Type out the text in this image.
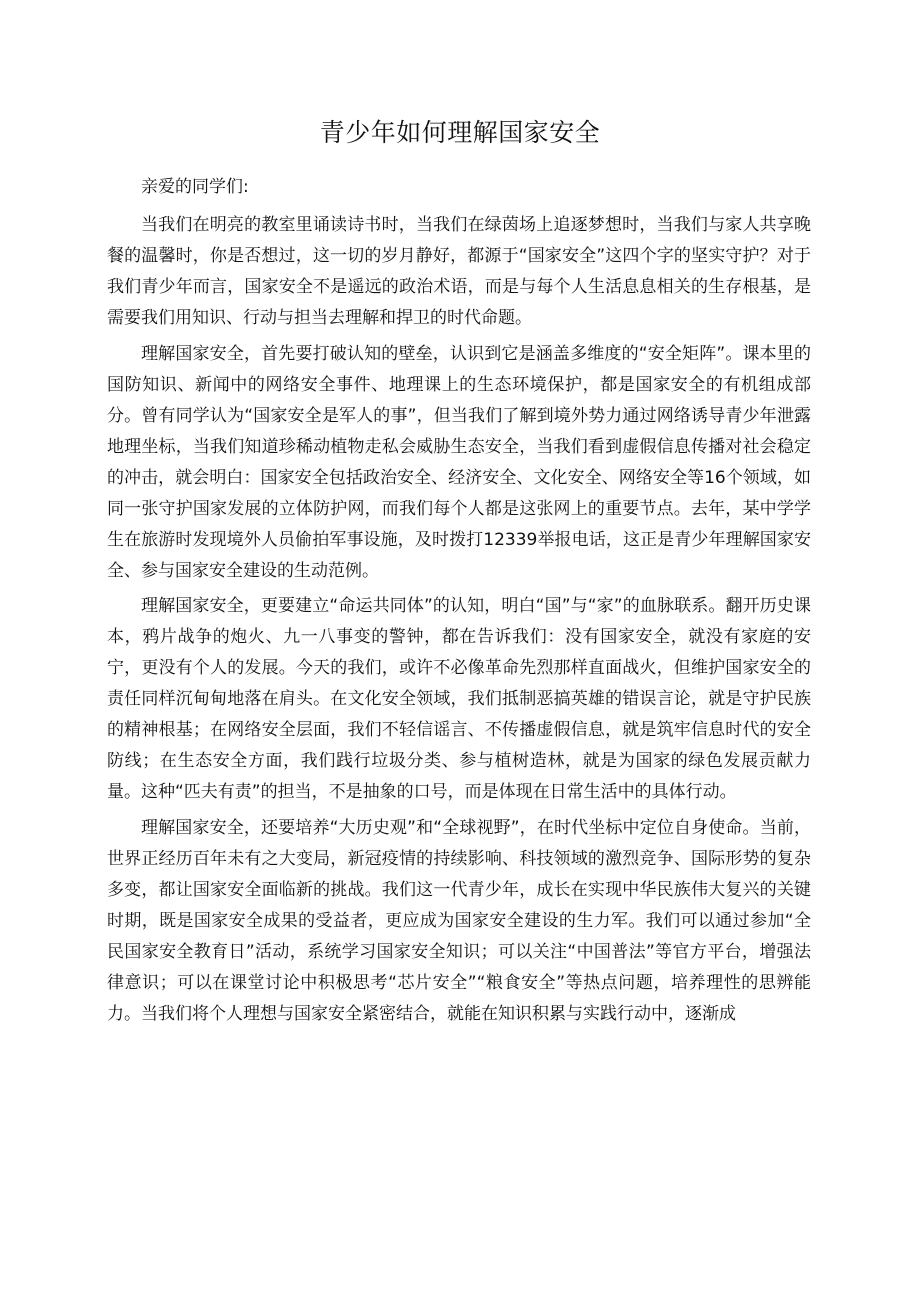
青少年如何理解国家安全

亲爱的同学们:

当我们在明亮的教室里诵读诗书时，当我们在绿茵场上追逐梦想时，当我们与家人共享晚餐的温馨时，你是否想过，这一切的岁月静好，都源于“国家安全”这四个字的坚实守护？对于我们青少年而言，国家安全不是遥远的政治术语，而是与每个人生活息息相关的生存根基，是需要我们用知识、行动与担当去理解和捍卫的时代命题。

理解国家安全，首先要打破认知的壁垒，认识到它是涵盖多维度的“安全矩阵”。课本里的国防知识、新闻中的网络安全事件、地理课上的生态环境保护，都是国家安全的有机组成部分。曾有同学认为“国家安全是军人的事”，但当我们了解到境外势力通过网络诱导青少年泄露地理坐标，当我们知道珍稀动植物走私会威胁生态安全，当我们看到虚假信息传播对社会稳定的冲击，就会明白：国家安全包括政治安全、经济安全、文化安全、网络安全等16个领域，如同一张守护国家发展的立体防护网，而我们每个人都是这张网上的重要节点。去年，某中学学生在旅游时发现境外人员偷拍军事设施，及时拨打12339举报电话，这正是青少年理解国家安全、参与国家安全建设的生动范例。

理解国家安全，更要建立“命运共同体”的认知，明白“国”与“家”的血脉联系。翻开历史课本，鸦片战争的炮火、九一八事变的警钟，都在告诉我们：没有国家安全，就没有家庭的安宁，更没有个人的发展。今天的我们，或许不必像革命先烈那样直面战火，但维护国家安全的责任同样沉甸甸地落在肩头。在文化安全领域，我们抵制恶搞英雄的错误言论，就是守护民族的精神根基；在网络安全层面，我们不轻信谣言、不传播虚假信息，就是筑牢信息时代的安全防线；在生态安全方面，我们践行垃圾分类、参与植树造林，就是为国家的绿色发展贡献力量。这种“匹夫有责”的担当，不是抽象的口号，而是体现在日常生活中的具体行动。

理解国家安全，还要培养“大历史观”和“全球视野”，在时代坐标中定位自身使命。当前，世界正经历百年未有之大变局，新冠疫情的持续影响、科技领域的激烈竞争、国际形势的复杂多变，都让国家安全面临新的挑战。我们这一代青少年，成长在实现中华民族伟大复兴的关键时期，既是国家安全成果的受益者，更应成为国家安全建设的生力军。我们可以通过参加“全民国家安全教育日”活动，系统学习国家安全知识；可以关注“中国普法”等官方平台，增强法律意识；可以在课堂讨论中积极思考“芯片安全”“粮食安全”等热点问题，培养理性的思辨能力。当我们将个人理想与国家安全紧密结合，就能在知识积累与实践行动中，逐渐成
